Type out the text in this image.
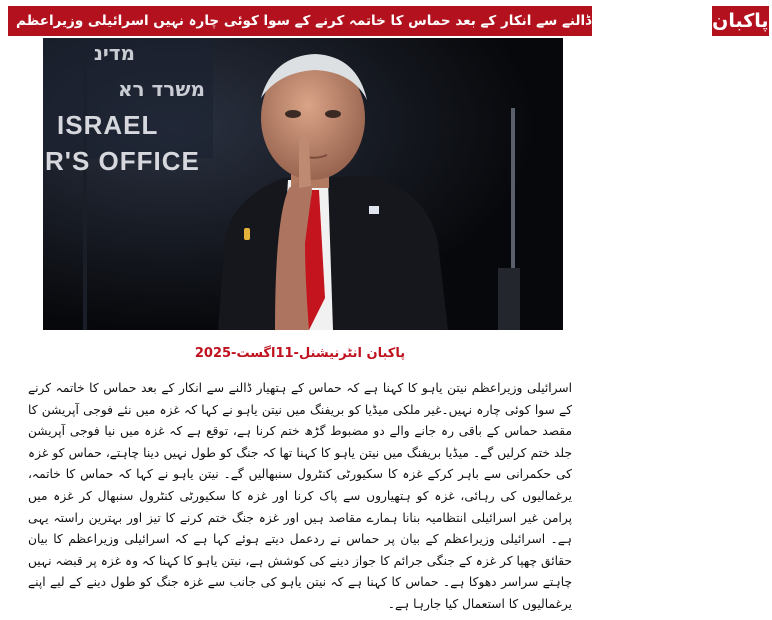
حماس کے ہتھیار ڈالنے سے انکار کے بعد حماس کا خاتمہ کرنے کے سوا کوئی چارہ نہیں اسرائیلی وزیراعظم پاکبان
מדינ
משרד רא
ISRAEL
R'S OFFICE
پاکبان انٹرنیشنل-11اگست-2025
اسرائیلی وزیراعظم نیتن یاہو کا کہنا ہے کہ حماس کے ہتھیار ڈالنے سے انکار کے بعد حماس کا خاتمہ کرنے کے سوا کوئی چارہ نہیں۔غیر ملکی میڈیا کو بریفنگ میں نیتن یاہو نے کہا کہ غزہ میں نئے فوجی آپریشن کا مقصد حماس کے باقی رہ جانے والے دو مضبوط گڑھ ختم کرنا ہے، توقع ہے کہ غزہ میں نیا فوجی آپریشن جلد ختم کرلیں گے۔ میڈیا بریفنگ میں نیتن یاہو کا کہنا تھا کہ جنگ کو طول نہیں دینا چاہتے، حماس کو غزہ کی حکمرانی سے باہر کرکے غزہ کا سکیورٹی کنٹرول سنبھالیں گے۔ نیتن یاہو نے کہا کہ حماس کا خاتمہ، یرغمالیوں کی رہائی، غزہ کو ہتھیاروں سے پاک کرنا اور غزہ کا سکیورٹی کنٹرول سنبھال کر غزہ میں پرامن غیر اسرائیلی انتظامیہ بنانا ہمارے مقاصد ہیں اور غزہ جنگ ختم کرنے کا تیز اور بہترین راستہ یہی ہے۔ اسرائیلی وزیراعظم کے بیان پر حماس نے ردعمل دیتے ہوئے کہا ہے کہ اسرائیلی وزیراعظم کا بیان حقائق چھپا کر غزہ کے جنگی جرائم کا جواز دینے کی کوشش ہے، نیتن یاہو کا کہنا کہ وہ غزہ پر قبضہ نہیں چاہتے سراسر دھوکا ہے۔ حماس کا کہنا ہے کہ نیتن یاہو کی جانب سے غزہ جنگ کو طول دینے کے لیے اپنے یرغمالیوں کا استعمال کیا جارہا ہے۔
